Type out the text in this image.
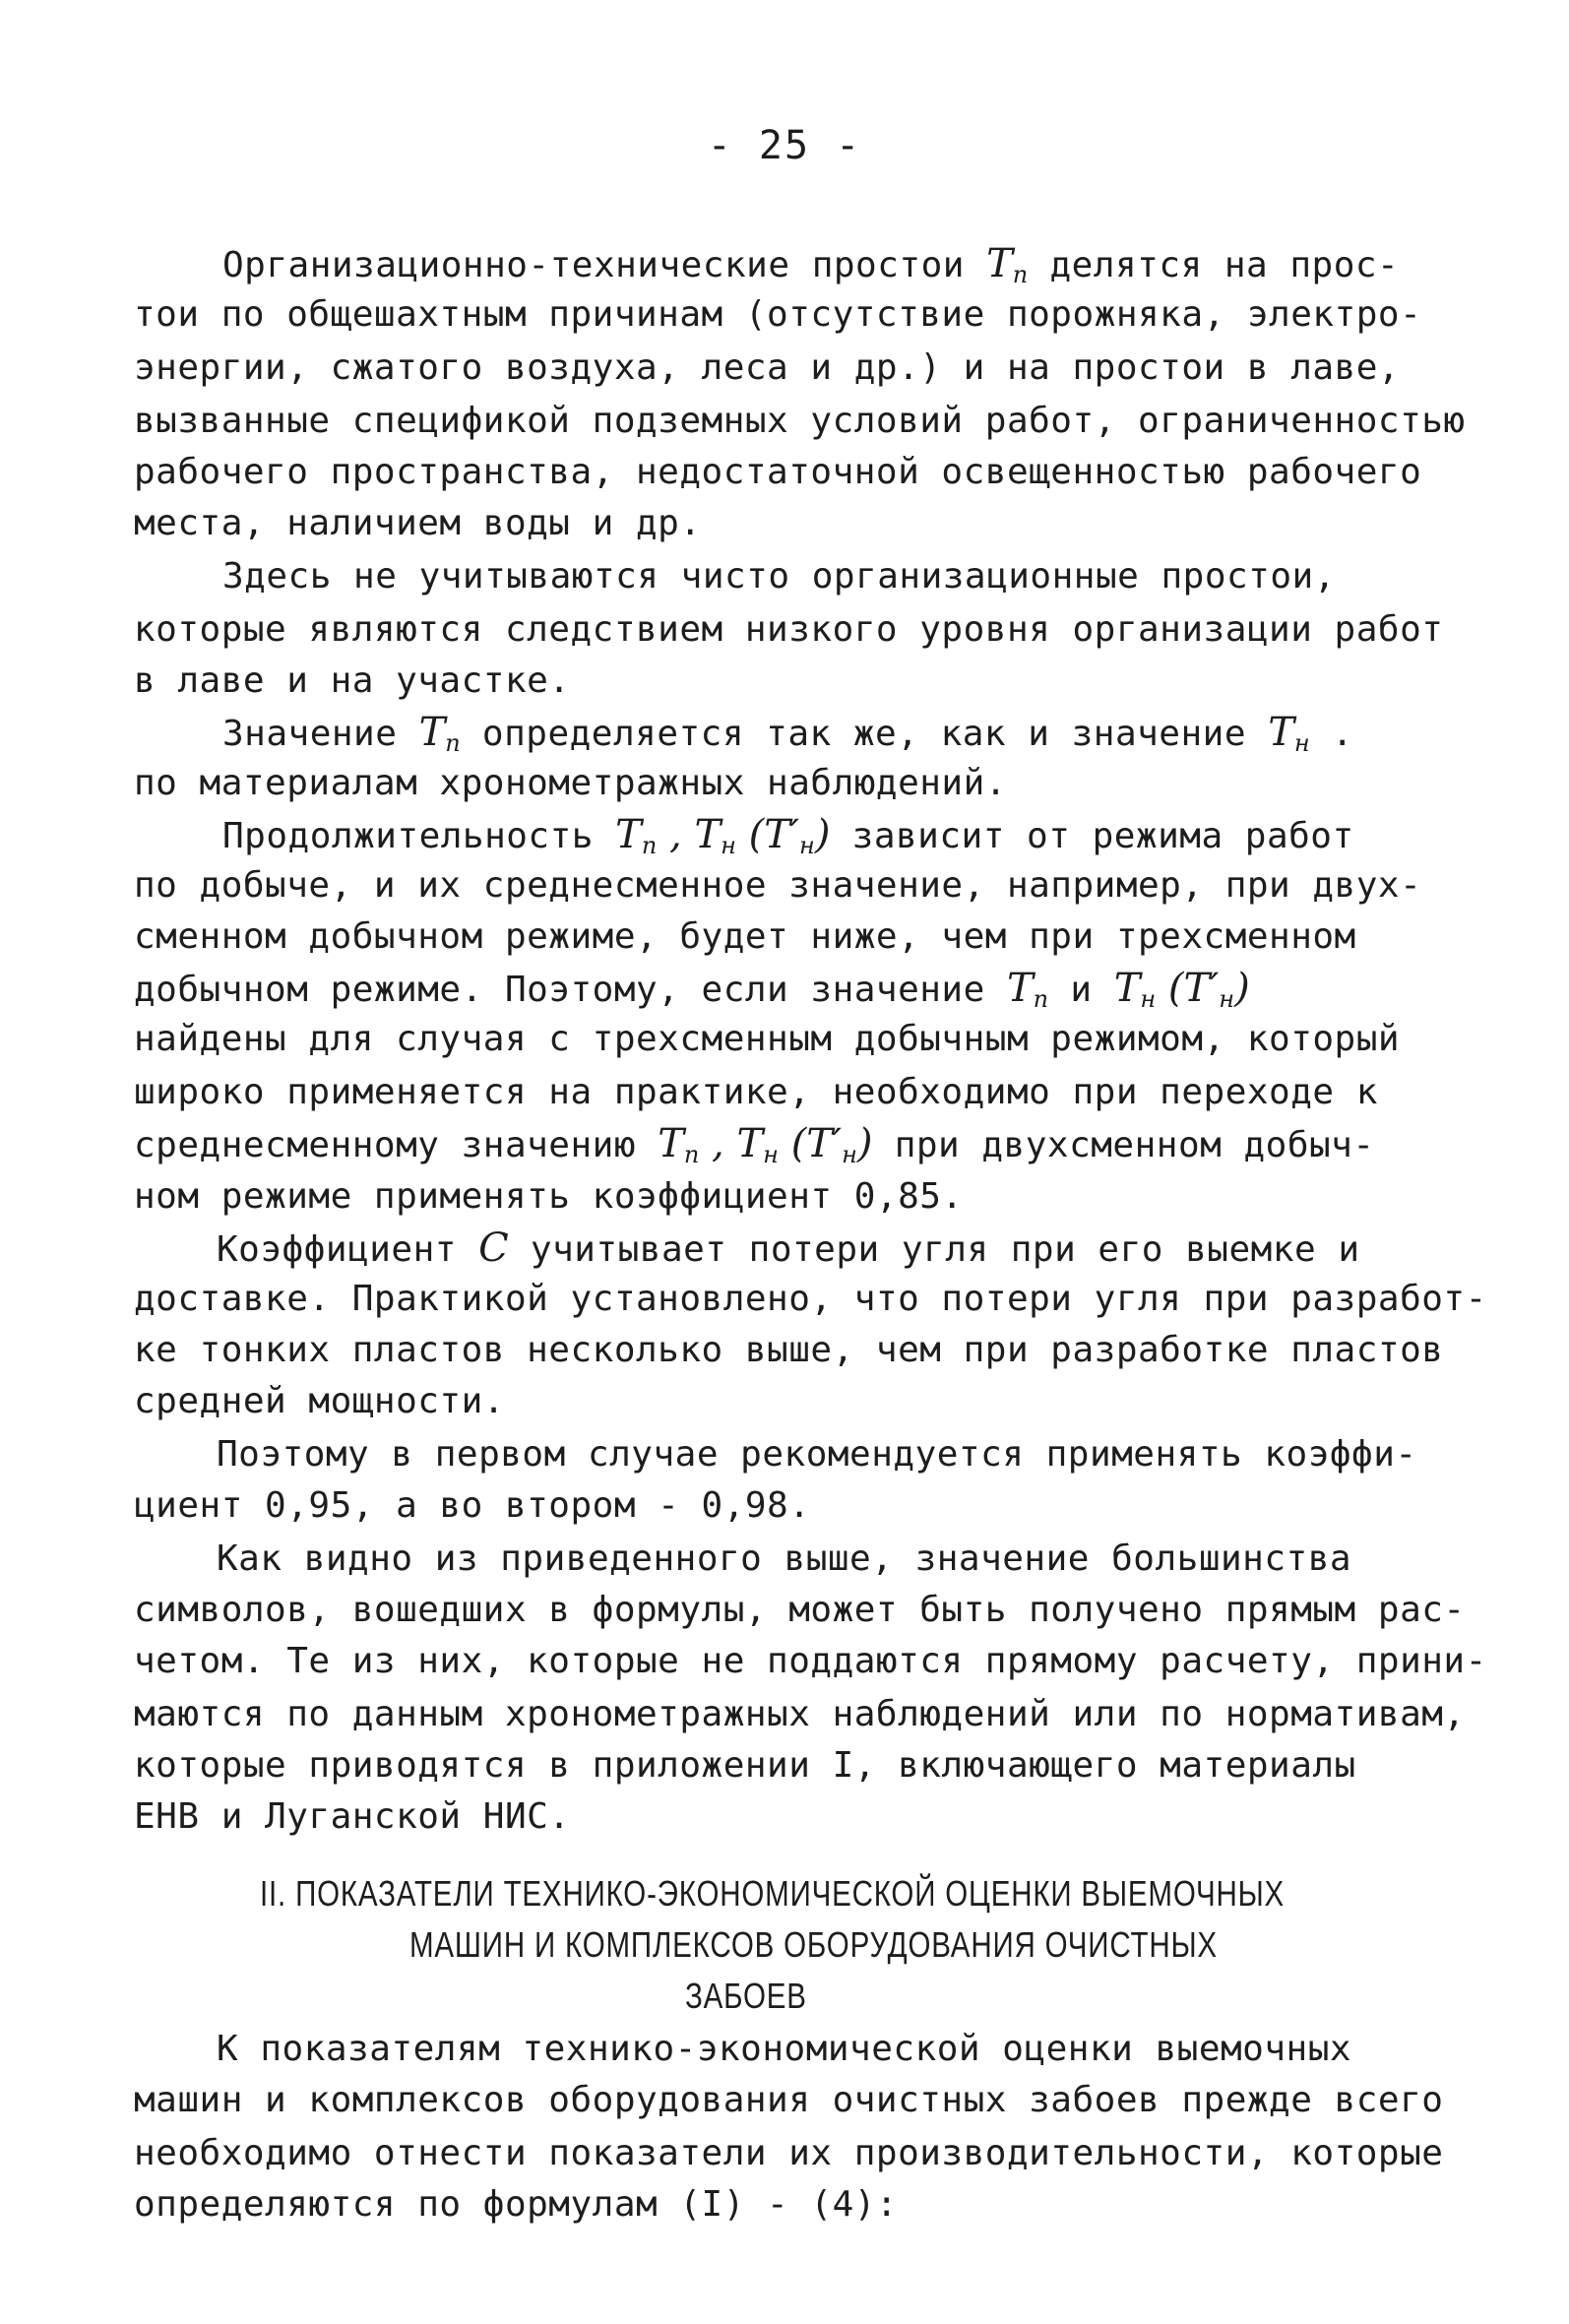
- 25 -
Организационно-технические простои $T_п$ делятся на прос-
тои по общешахтным причинам (отсутствие порожняка, электро-
энергии, сжатого воздуха, леса и др.) и на простои в лаве,
вызванные спецификой подземных условий работ, ограниченностью
рабочего пространства, недостаточной освещенностью рабочего
места, наличием воды и др.
Здесь не учитываются чисто организационные простои,
которые являются следствием низкого уровня организации работ
в лаве и на участке.
Значение $T_п$ определяется так же, как и значение $T_н$ .
по материалам хронометражных наблюдений.
Продолжительность $T_п$ , $T_н$ $(T'_н)$ зависит от режима работ
по добыче, и их среднесменное значение, например, при двух-
сменном добычном режиме, будет ниже, чем при трехсменном
добычном режиме. Поэтому, если значение $T_п$ и $T_н$ $(T'_н)$
найдены для случая с трехсменным добычным режимом, который
широко применяется на практике, необходимо при переходе к
среднесменному значению $T_п$ , $T_н$ $(T'_н)$ при двухсменном добыч-
ном режиме применять коэффициент 0,85.
Коэффициент C учитывает потери угля при его выемке и
доставке. Практикой установлено, что потери угля при разработ-
ке тонких пластов несколько выше, чем при разработке пластов
средней мощности.
Поэтому в первом случае рекомендуется применять коэффи-
циент 0,95, а во втором - 0,98.
Как видно из приведенного выше, значение большинства
символов, вошедших в формулы, может быть получено прямым рас-
четом. Те из них, которые не поддаются прямому расчету, прини-
маются по данным хронометражных наблюдений или по нормативам,
которые приводятся в приложении I, включающего материалы
ЕНВ и Луганской НИС.
II. ПОКАЗАТЕЛИ ТЕХНИКО-ЭКОНОМИЧЕСКОЙ ОЦЕНКИ ВЫЕМОЧНЫХ
МАШИН И КОМПЛЕКСОВ ОБОРУДОВАНИЯ ОЧИСТНЫХ
ЗАБОЕВ
К показателям технико-экономической оценки выемочных
машин и комплексов оборудования очистных забоев прежде всего
необходимо отнести показатели их производительности, которые
определяются по формулам (I) - (4):
